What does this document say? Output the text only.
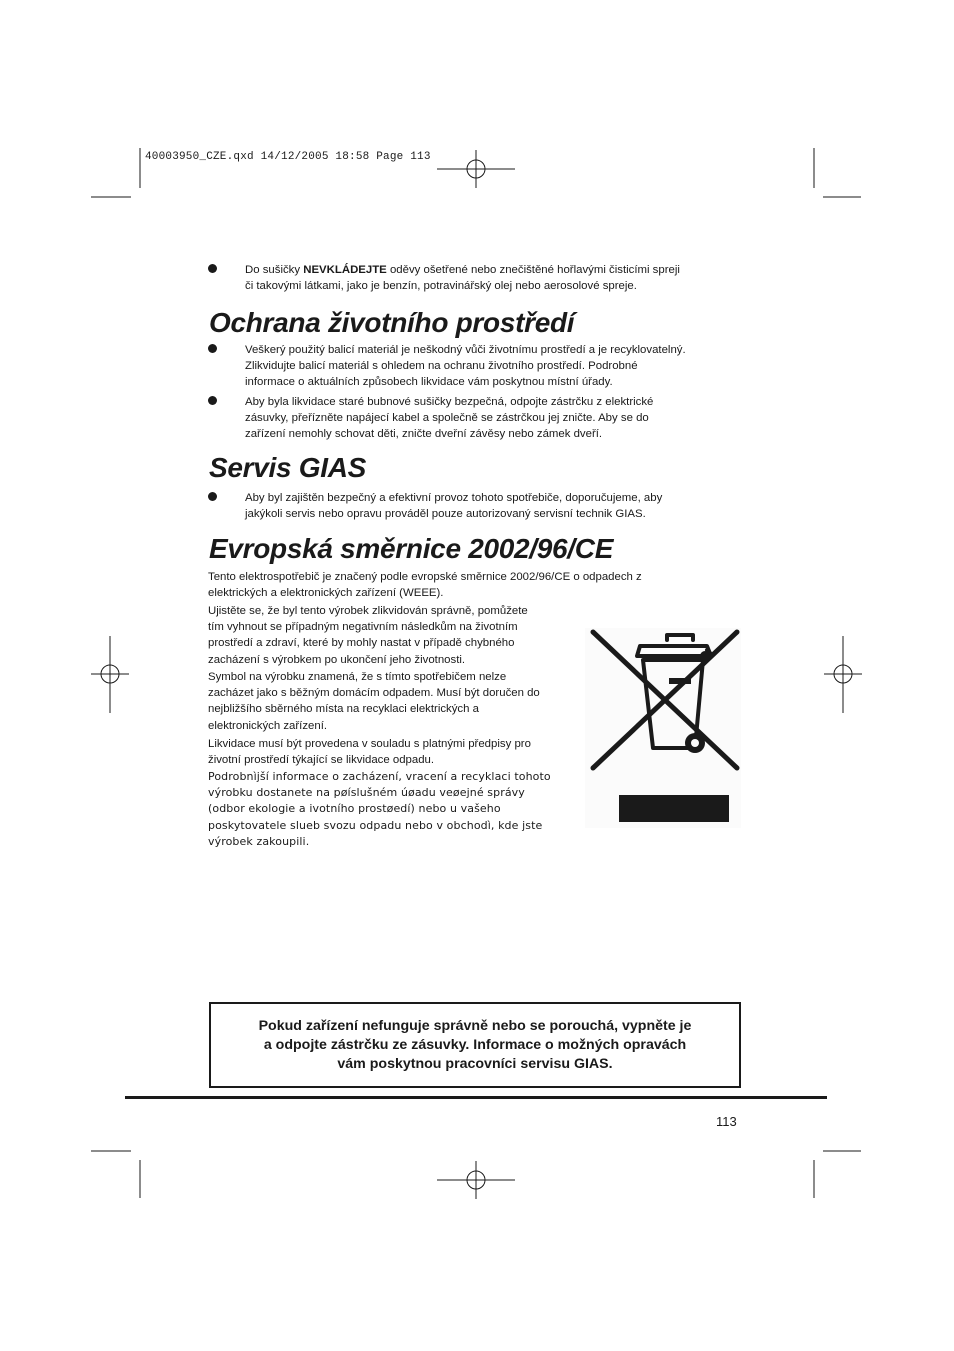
40003950_CZE.qxd 14/12/2005 18:58 Page 113
Do sušičky NEVKLÁDEJTE oděvy ošetřené nebo znečištěné hořlavými čisticími spreji
či takovými látkami, jako je benzín, potravinářský olej nebo aerosolové spreje.
Ochrana životního prostředí
Veškerý použitý balicí materiál je neškodný vůči životnímu prostředí a je recyklovatelný.
Zlikvidujte balicí materiál s ohledem na ochranu životního prostředí. Podrobné
informace o aktuálních způsobech likvidace vám poskytnou místní úřady.
Aby byla likvidace staré bubnové sušičky bezpečná, odpojte zástrčku z elektrické
zásuvky, přeřízněte napájecí kabel a společně se zástrčkou jej zničte. Aby se do
zařízení nemohly schovat děti, zničte dveřní závěsy nebo zámek dveří.
Servis GIAS
Aby byl zajištěn bezpečný a efektivní provoz tohoto spotřebiče, doporučujeme, aby
jakýkoli servis nebo opravu prováděl pouze autorizovaný servisní technik GIAS.
Evropská směrnice 2002/96/CE
Tento elektrospotřebič je značený podle evropské směrnice 2002/96/CE o odpadech z
elektrických a elektronických zařízení (WEEE).
Ujistěte se, že byl tento výrobek zlikvidován správně, pomůžete
tím vyhnout se případným negativním následkům na životním
prostředí a zdraví, které by mohly nastat v případě chybného
zacházení s výrobkem po ukončení jeho životnosti.
Symbol na výrobku znamená, že s tímto spotřebičem nelze
zacházet jako s běžným domácím odpadem. Musí být doručen do
nejbližšího sběrného místa na recyklaci elektrických a
elektronických zařízení.
Likvidace musí být provedena v souladu s platnými předpisy pro
životní prostředí týkající se likvidace odpadu.
Podrobnìjší informace o zacházení, vracení a recyklaci tohoto
výrobku dostanete na pøíslušném úøadu veøejné správy
(odbor ekologie a ivotního prostøedí) nebo u vašeho
poskytovatele slueb svozu odpadu nebo v obchodì, kde jste
výrobek zakoupili.
Pokud zařízení nefunguje správně nebo se porouchá, vypněte je
a odpojte zástrčku ze zásuvky. Informace o možných opravách
vám poskytnou pracovníci servisu GIAS.
113
